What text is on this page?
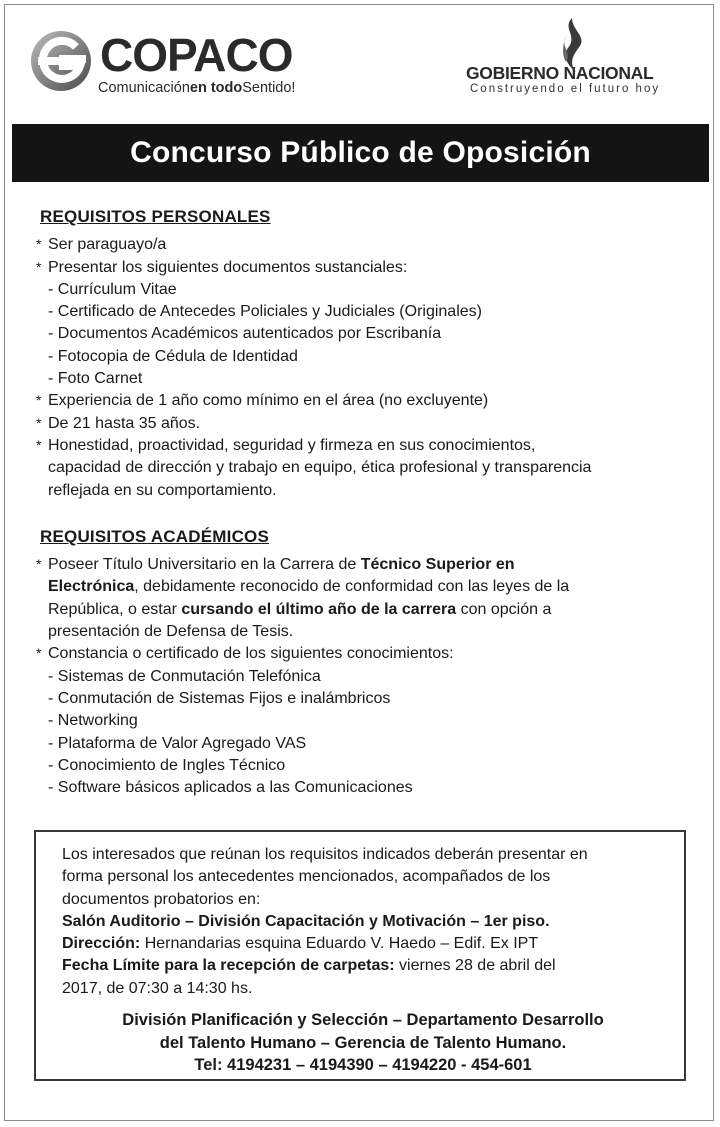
COPACO
Comunicaciónen todoSentido!
GOBIERNO NACIONAL
Construyendo el futuro hoy
Concurso Público de Oposición
REQUISITOS PERSONALES
* Ser paraguayo/a
* Presentar los siguientes documentos sustanciales:
- Currículum Vitae
- Certificado de Antecedes Policiales y Judiciales (Originales)
- Documentos Académicos autenticados por Escribanía
- Fotocopia de Cédula de Identidad
- Foto Carnet
* Experiencia de 1 año como mínimo en el área (no excluyente)
* De 21 hasta 35 años.
* Honestidad, proactividad, seguridad y firmeza en sus conocimientos,
capacidad de dirección y trabajo en equipo, ética profesional y transparencia
reflejada en su comportamiento.
REQUISITOS ACADÉMICOS
* Poseer Título Universitario en la Carrera de Técnico Superior en
Electrónica, debidamente reconocido de conformidad con las leyes de la
República, o estar cursando el último año de la carrera con opción a
presentación de Defensa de Tesis.
* Constancia o certificado de los siguientes conocimientos:
- Sistemas de Conmutación Telefónica
- Conmutación de Sistemas Fijos e inalámbricos
- Networking
- Plataforma de Valor Agregado VAS
- Conocimiento de Ingles Técnico
- Software básicos aplicados a las Comunicaciones
Los interesados que reúnan los requisitos indicados deberán presentar en
forma personal los antecedentes mencionados, acompañados de los
documentos probatorios en:
Salón Auditorio – División Capacitación y Motivación – 1er piso.
Dirección: Hernandarias esquina Eduardo V. Haedo – Edif. Ex IPT
Fecha Límite para la recepción de carpetas: viernes 28 de abril del
2017, de 07:30 a 14:30 hs.
División Planificación y Selección – Departamento Desarrollo
del Talento Humano – Gerencia de Talento Humano.
Tel: 4194231 – 4194390 – 4194220 - 454-601
